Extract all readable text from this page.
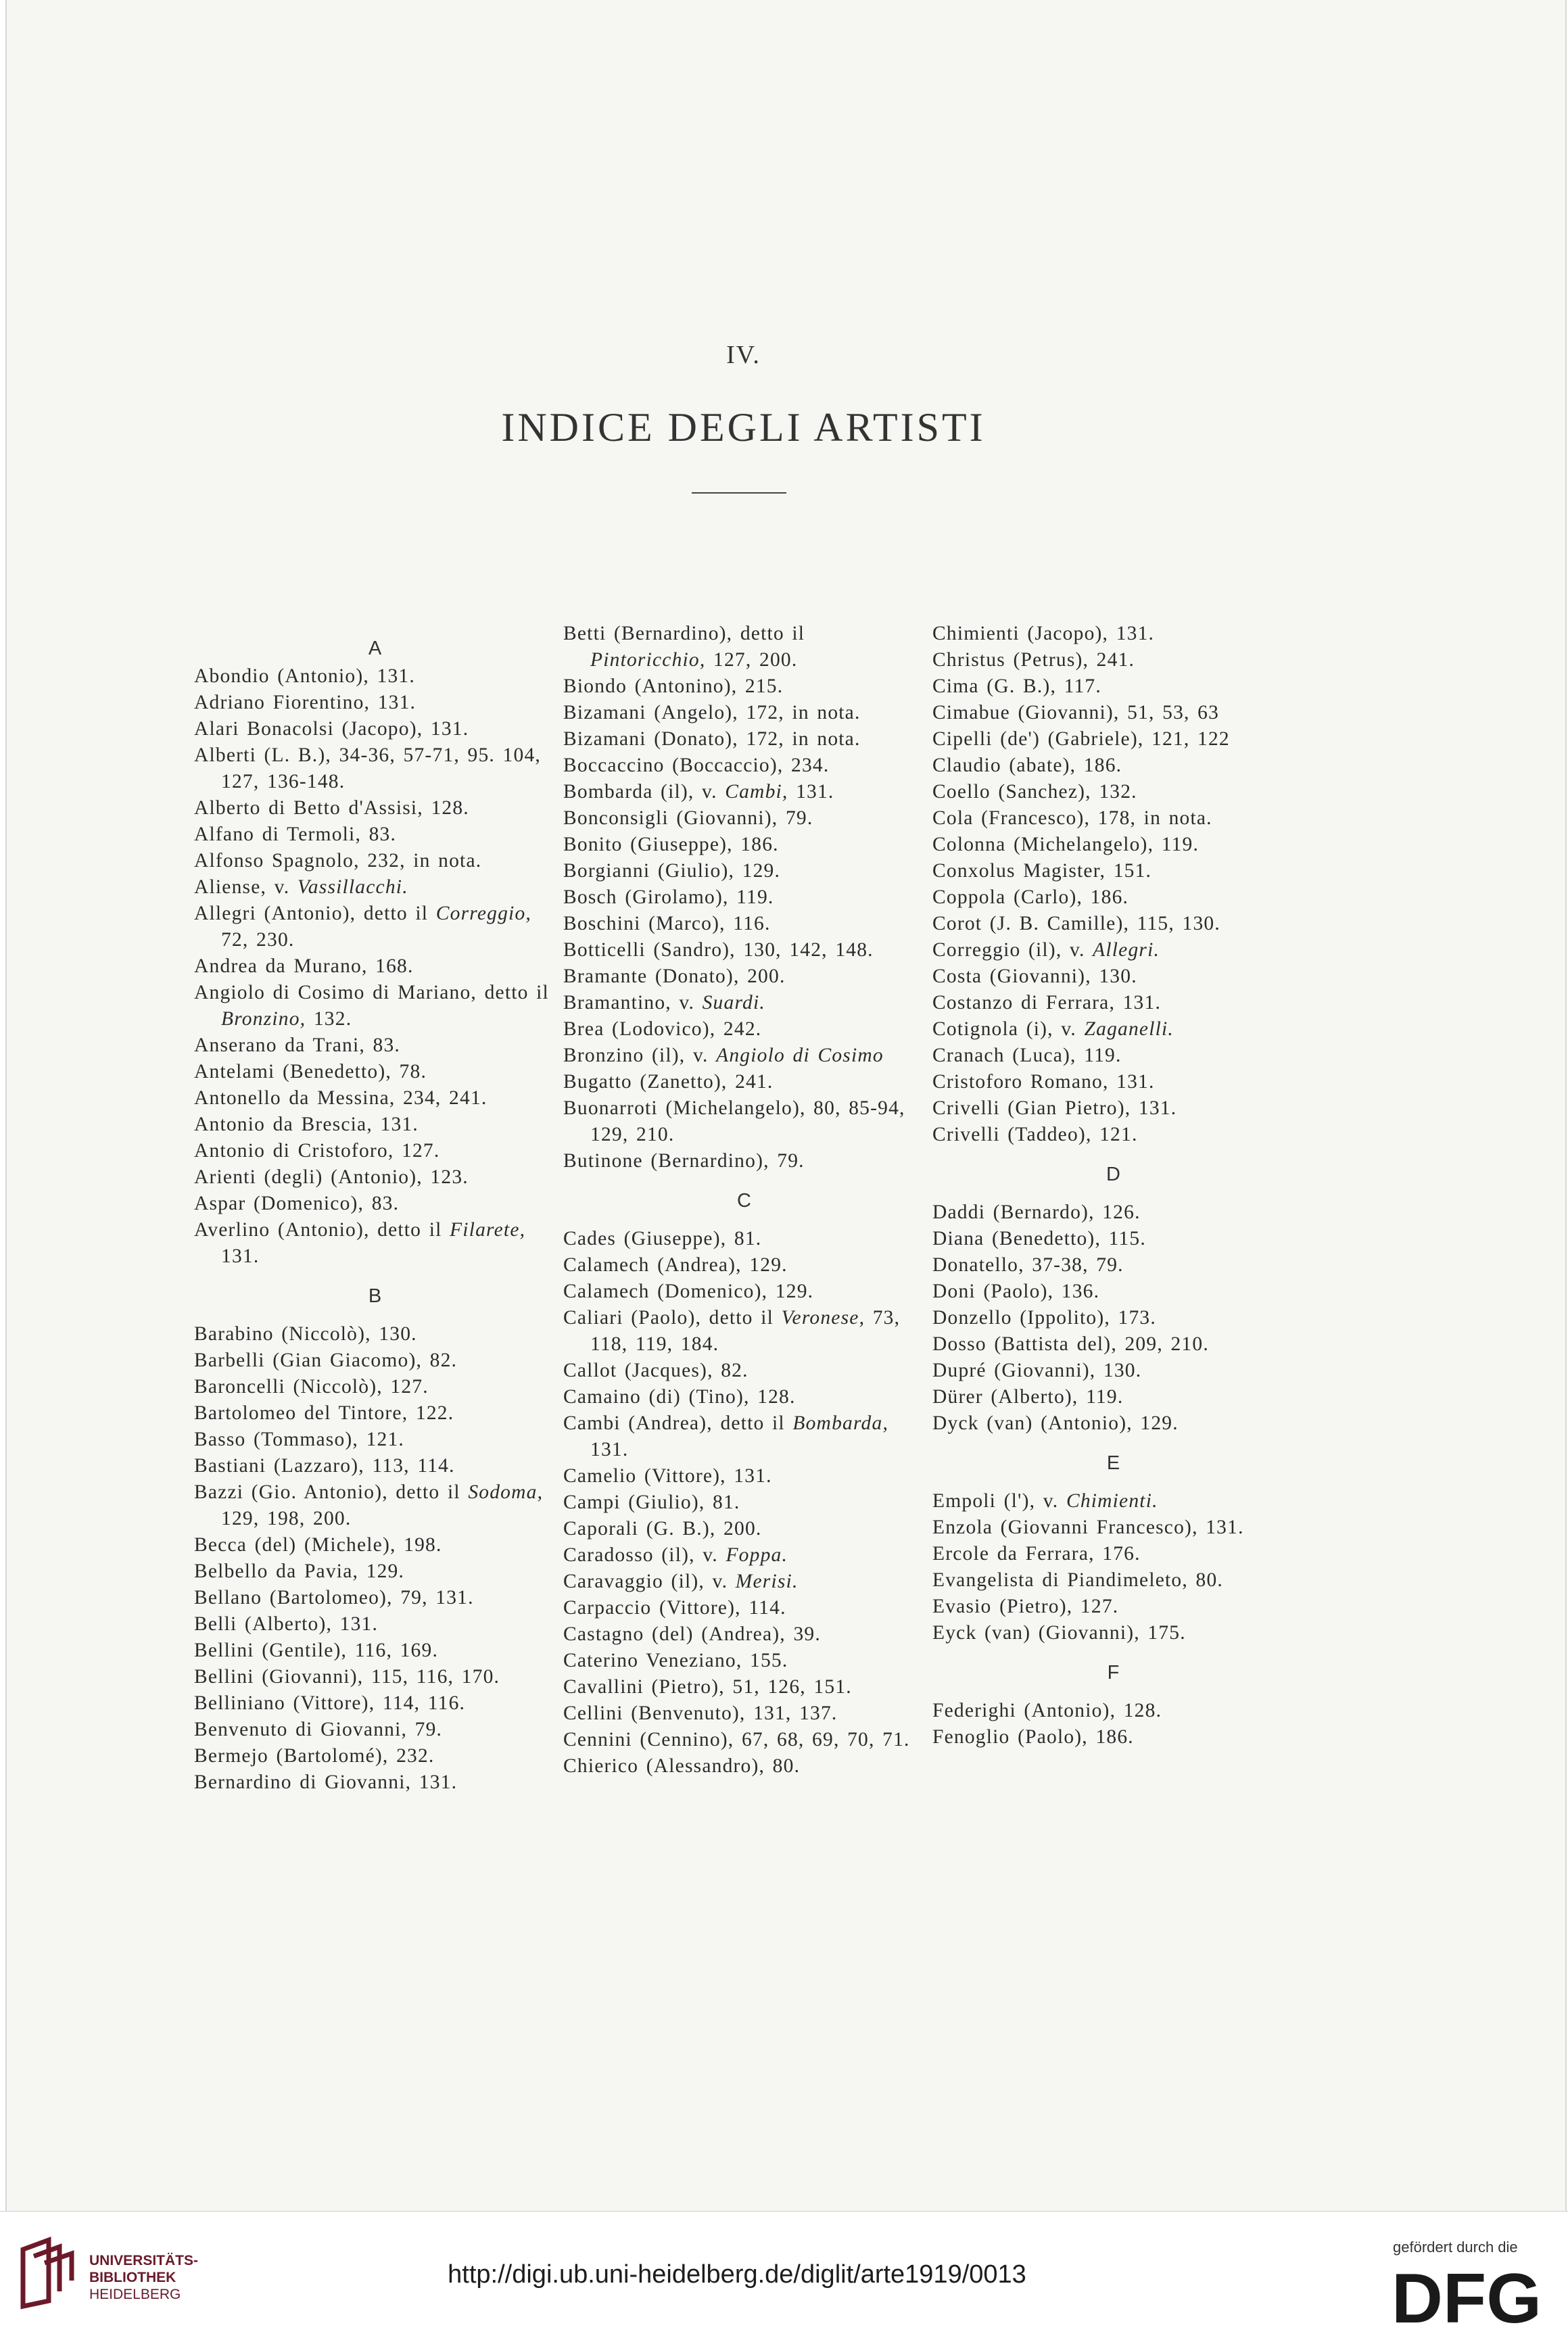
IV.
INDICE DEGLI ARTISTI
A
Abondio (Antonio), 131.
Adriano Fiorentino, 131.
Alari Bonacolsi (Jacopo), 131.
Alberti (L. B.), 34-36, 57-71, 95. 104, 127, 136-148.
Alberto di Betto d'Assisi, 128.
Alfano di Termoli, 83.
Alfonso Spagnolo, 232, in nota.
Aliense, v. Vassillacchi.
Allegri (Antonio), detto il Correggio, 72, 230.
Andrea da Murano, 168.
Angiolo di Cosimo di Mariano, detto il Bronzino, 132.
Anserano da Trani, 83.
Antelami (Benedetto), 78.
Antonello da Messina, 234, 241.
Antonio da Brescia, 131.
Antonio di Cristoforo, 127.
Arienti (degli) (Antonio), 123.
Aspar (Domenico), 83.
Averlino (Antonio), detto il Filarete, 131.
B
Barabino (Niccolò), 130.
Barbelli (Gian Giacomo), 82.
Baroncelli (Niccolò), 127.
Bartolomeo del Tintore, 122.
Basso (Tommaso), 121.
Bastiani (Lazzaro), 113, 114.
Bazzi (Gio. Antonio), detto il Sodoma, 129, 198, 200.
Becca (del) (Michele), 198.
Belbello da Pavia, 129.
Bellano (Bartolomeo), 79, 131.
Belli (Alberto), 131.
Bellini (Gentile), 116, 169.
Bellini (Giovanni), 115, 116, 170.
Belliniano (Vittore), 114, 116.
Benvenuto di Giovanni, 79.
Bermejo (Bartolomé), 232.
Bernardino di Giovanni, 131.
Betti (Bernardino), detto il Pintoricchio, 127, 200.
Biondo (Antonino), 215.
Bizamani (Angelo), 172, in nota.
Bizamani (Donato), 172, in nota.
Boccaccino (Boccaccio), 234.
Bombarda (il), v. Cambi, 131.
Bonconsigli (Giovanni), 79.
Bonito (Giuseppe), 186.
Borgianni (Giulio), 129.
Bosch (Girolamo), 119.
Boschini (Marco), 116.
Botticelli (Sandro), 130, 142, 148.
Bramante (Donato), 200.
Bramantino, v. Suardi.
Brea (Lodovico), 242.
Bronzino (il), v. Angiolo di Cosimo
Bugatto (Zanetto), 241.
Buonarroti (Michelangelo), 80, 85-94, 129, 210.
Butinone (Bernardino), 79.
C
Cades (Giuseppe), 81.
Calamech (Andrea), 129.
Calamech (Domenico), 129.
Caliari (Paolo), detto il Veronese, 73, 118, 119, 184.
Callot (Jacques), 82.
Camaino (di) (Tino), 128.
Cambi (Andrea), detto il Bombarda, 131.
Camelio (Vittore), 131.
Campi (Giulio), 81.
Caporali (G. B.), 200.
Caradosso (il), v. Foppa.
Caravaggio (il), v. Merisi.
Carpaccio (Vittore), 114.
Castagno (del) (Andrea), 39.
Caterino Veneziano, 155.
Cavallini (Pietro), 51, 126, 151.
Cellini (Benvenuto), 131, 137.
Cennini (Cennino), 67, 68, 69, 70, 71.
Chierico (Alessandro), 80.
Chimienti (Jacopo), 131.
Christus (Petrus), 241.
Cima (G. B.), 117.
Cimabue (Giovanni), 51, 53, 63
Cipelli (de') (Gabriele), 121, 122
Claudio (abate), 186.
Coello (Sanchez), 132.
Cola (Francesco), 178, in nota.
Colonna (Michelangelo), 119.
Conxolus Magister, 151.
Coppola (Carlo), 186.
Corot (J. B. Camille), 115, 130.
Correggio (il), v. Allegri.
Costa (Giovanni), 130.
Costanzo di Ferrara, 131.
Cotignola (i), v. Zaganelli.
Cranach (Luca), 119.
Cristoforo Romano, 131.
Crivelli (Gian Pietro), 131.
Crivelli (Taddeo), 121.
D
Daddi (Bernardo), 126.
Diana (Benedetto), 115.
Donatello, 37-38, 79.
Doni (Paolo), 136.
Donzello (Ippolito), 173.
Dosso (Battista del), 209, 210.
Dupré (Giovanni), 130.
Dürer (Alberto), 119.
Dyck (van) (Antonio), 129.
E
Empoli (l'), v. Chimienti.
Enzola (Giovanni Francesco), 131.
Ercole da Ferrara, 176.
Evangelista di Piandimeleto, 80.
Evasio (Pietro), 127.
Eyck (van) (Giovanni), 175.
F
Federighi (Antonio), 128.
Fenoglio (Paolo), 186.
UNIVERSITÄTS-
BIBLIOTHEK
HEIDELBERG
http://digi.ub.uni-heidelberg.de/diglit/arte1919/0013
gefördert durch die
DFG
